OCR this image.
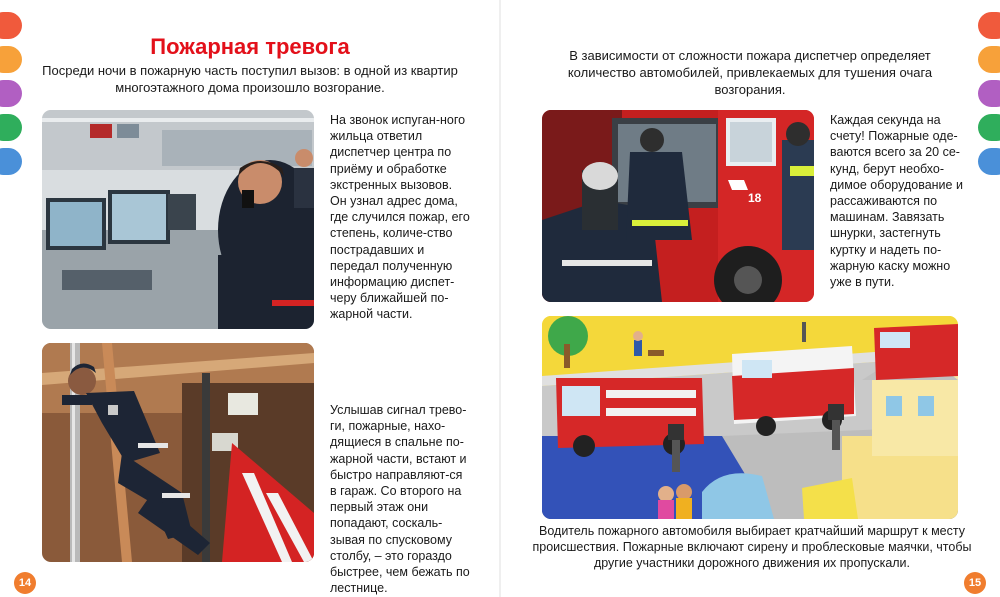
Пожарная тревога
Посреди ночи в пожарную часть поступил вызов: в одной из квартир многоэтажного дома произошло возгорание.
На звонок испуган-ного жильца ответил диспетчер центра по приёму и обработке экстренных вызовов. Он узнал адрес дома, где случился пожар, его степень, количе-ство пострадавших и передал полученную информацию диспет-черу ближайшей по-жарной части.
Услышав сигнал трево-ги, пожарные, нахо-дящиеся в спальне по-жарной части, встают и быстро направляют-ся в гараж. Со второго на первый этаж они попадают, соскаль-зывая по спусковому столбу, – это гораздо быстрее, чем бежать по лестнице.
14
В зависимости от сложности пожара диспетчер определяет количество автомобилей, привлекаемых для тушения очага возгорания.
18
Каждая секунда на счету! Пожарные оде-ваются всего за 20 се-кунд, берут необхо-димое оборудование и рассаживаются по машинам. Завязать шнурки, застегнуть куртку и надеть по-жарную каску можно уже в пути.
Водитель пожарного автомобиля выбирает кратчайший маршрут к месту происшествия. Пожарные включают сирену и проблесковые маячки, чтобы другие участники дорожного движения их пропускали.
15
